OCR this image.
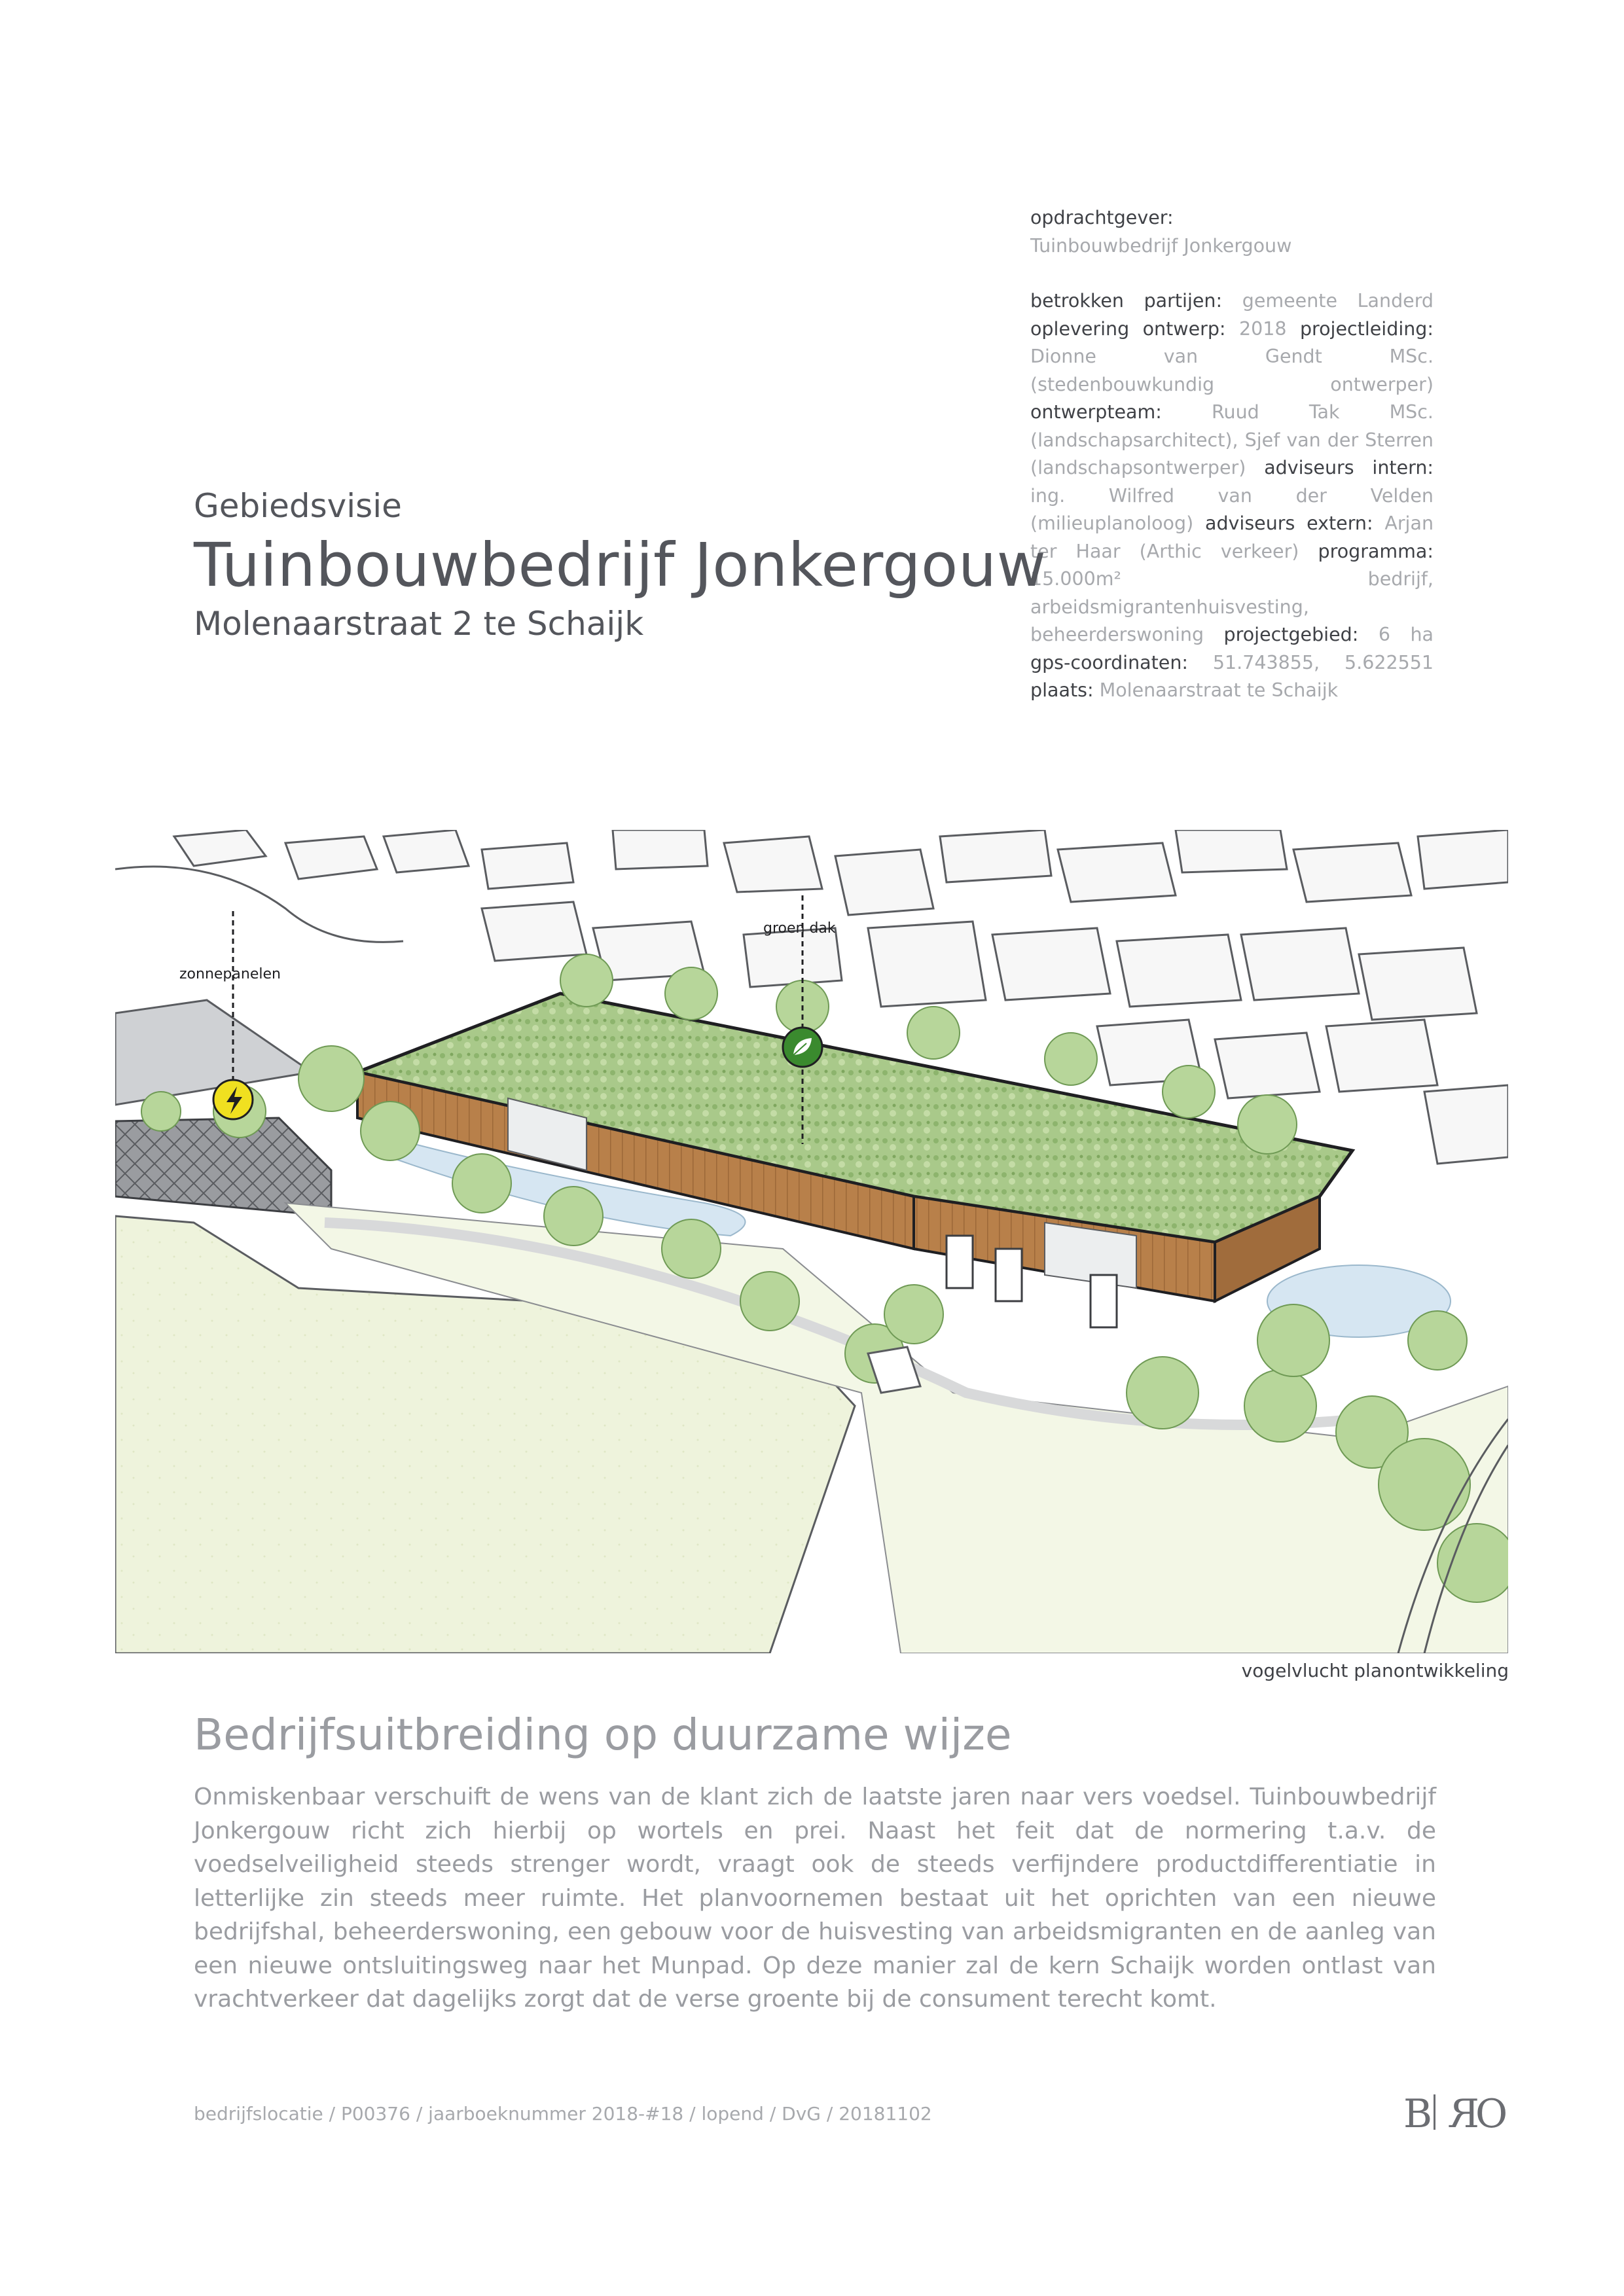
opdrachtgever:
Tuinbouwbedrijf Jonkergouw
betrokken partijen: gemeente Landerd oplevering ontwerp: 2018 projectleiding: Dionne van Gendt MSc. (stedenbouwkundig ontwerper) ontwerpteam:	Ruud Tak MSc. (landschapsarchitect), Sjef van der Sterren (landschapsontwerper) adviseurs intern: ing. Wilfred van der Velden (milieuplanoloog) adviseurs extern: Arjan ter Haar (Arthic verkeer) programma: 15.000m² bedrijf, arbeidsmigrantenhuisvesting, beheerderswoning projectgebied: 6 ha gps-coordinaten: 51.743855, 5.622551 plaats: Molenaarstraat te Schaijk
Gebiedsvisie
Tuinbouwbedrijf Jonkergouw
Molenaarstraat 2 te Schaijk
zonnepanelen
groen dak
vogelvlucht planontwikkeling
Bedrijfsuitbreiding op duurzame wijze
Onmiskenbaar verschuift de wens van de klant zich de laatste jaren naar vers voedsel. Tuinbouwbedrijf Jonkergouw richt zich hierbij op wortels en prei. Naast het feit dat de normering t.a.v. de voedselveiligheid steeds strenger wordt, vraagt ook de steeds verfijndere productdifferentiatie in letterlijke zin steeds meer ruimte. Het planvoornemen bestaat uit het oprichten van een nieuwe bedrijfshal, beheerderswoning, een gebouw voor de huisvesting van arbeidsmigranten en de aanleg van een nieuwe ontsluitingsweg naar het Munpad. Op deze manier zal de kern Schaijk worden ontlast van vrachtverkeer dat dagelijks zorgt dat de verse groente bij de consument terecht komt.
bedrijfslocatie / P00376 / jaarboeknummer 2018-#18 / lopend / DvG / 20181102	B R
O
